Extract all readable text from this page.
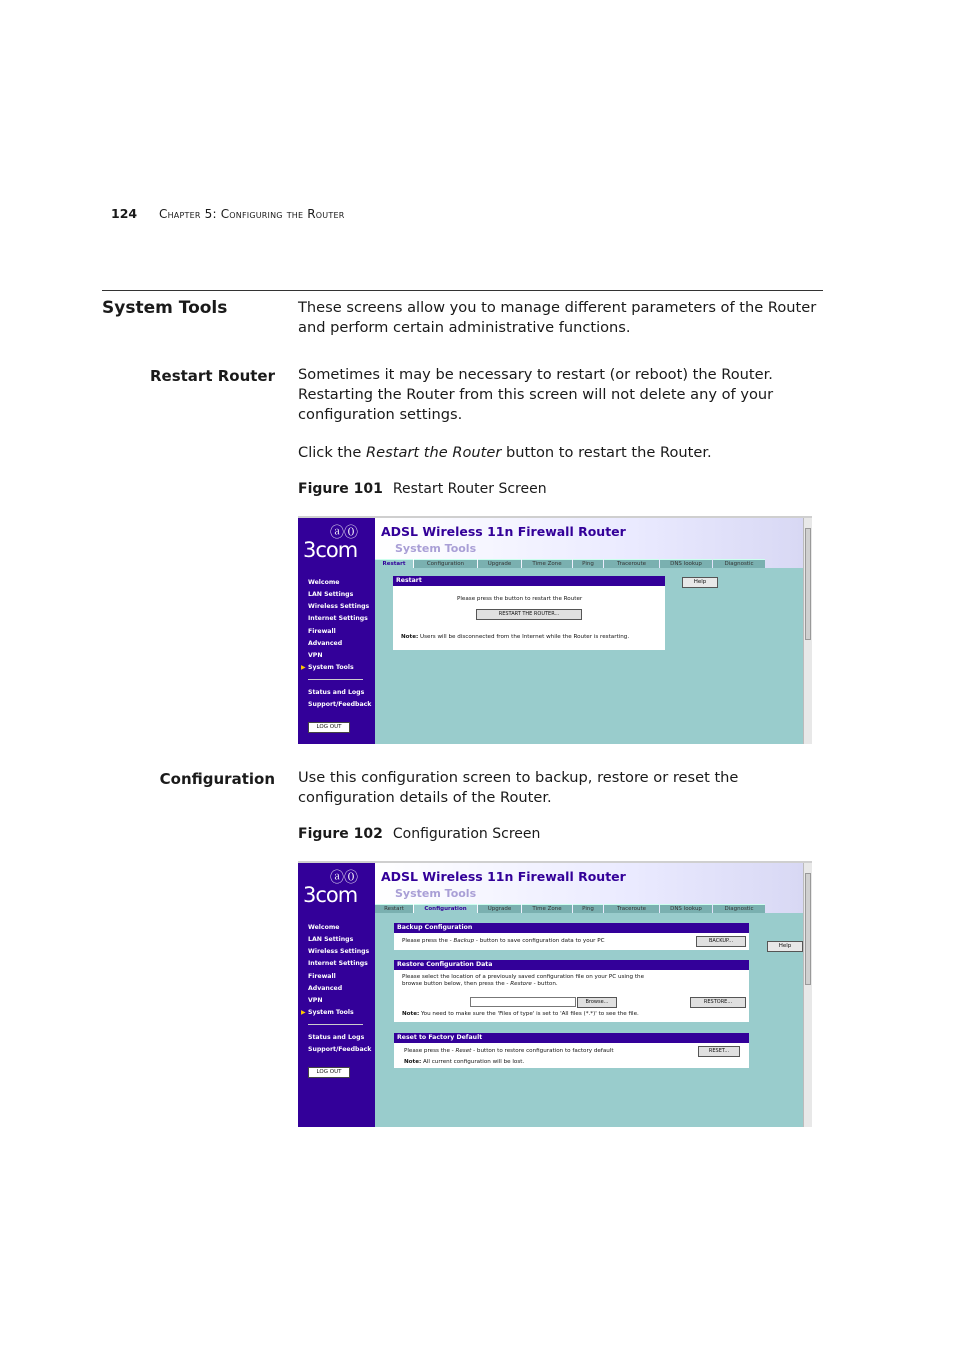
124 Chapter 5: Configuring the Router
System Tools	These screens allow you to manage different parameters of the Router and perform certain administrative functions.
Restart Router Sometimes it may be necessary to restart (or reboot) the Router. Restarting the Router from this screen will not delete any of your configuration settings.
Click the Restart the Router button to restart the Router.
Figure 101 Restart Router Screen
ⓐ⓪
3com
Welcome
LAN Settings
Wireless Settings
Internet Settings
Firewall
Advanced
VPN
▶ System Tools
Status and Logs
Support/Feedback
LOG OUT
ADSL Wireless 11n Firewall Router
System Tools
Restart	Configuration	Upgrade	Time Zone	Ping	Traceroute	DNS lookup	Diagnostic
Restart
Please press the button to restart the Router
RESTART THE ROUTER...
Note: Users will be disconnected from the Internet while the Router is restarting.
Help
Configuration Use this configuration screen to backup, restore or reset the configuration details of the Router.
Figure 102 Configuration Screen
ⓐ⓪
3com
Welcome
LAN Settings
Wireless Settings
Internet Settings
Firewall
Advanced
VPN
▶ System Tools
Status and Logs
Support/Feedback
LOG OUT
ADSL Wireless 11n Firewall Router
System Tools
Restart	Configuration	Upgrade	Time Zone	Ping	Traceroute	DNS lookup	Diagnostic
Backup Configuration
Please press the - Backup - button to save configuration data to your PC	BACKUP...
Help
Restore Configuration Data
Please select the location of a previously saved configuration file on your PC using the
browse button below, then press the - Restore - button.
Browse...	RESTORE...
Note: You need to make sure the 'Files of type' is set to 'All files (*.*)' to see the file.
Reset to Factory Default
Please press the - Reset - button to restore configuration to factory default	RESET...
Note: All current configuration will be lost.
